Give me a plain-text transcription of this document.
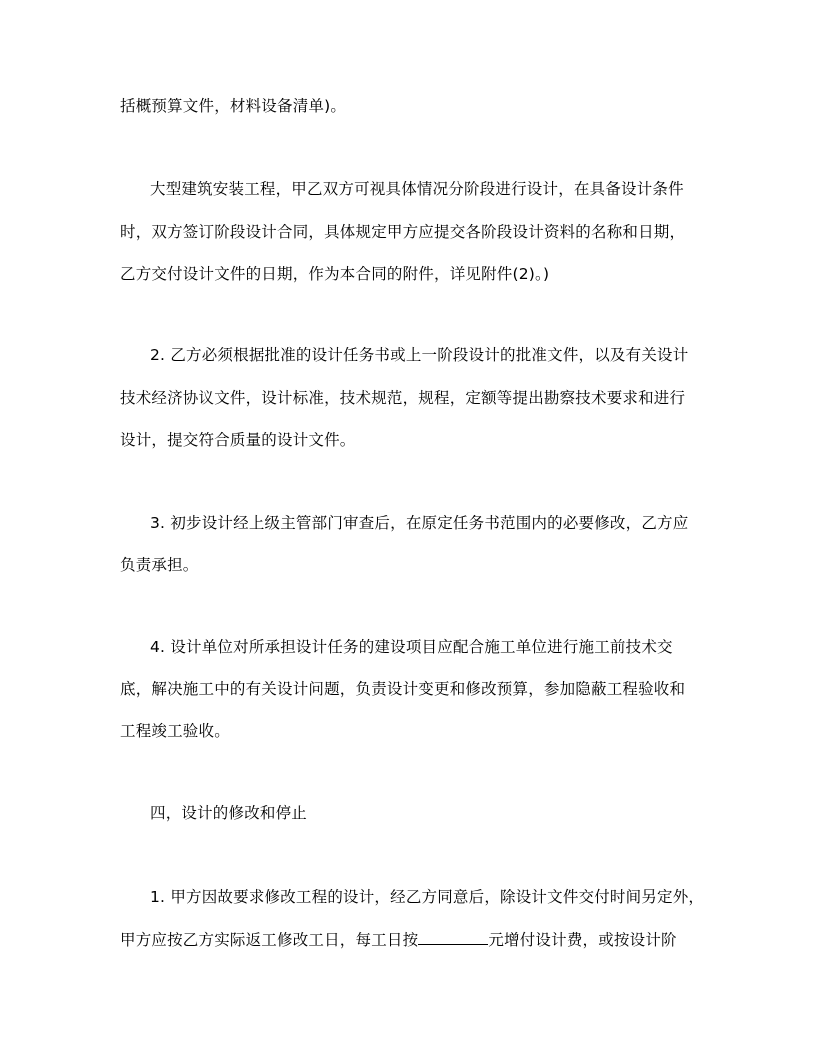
括概预算文件，材料设备清单)。
大型建筑安装工程，甲乙双方可视具体情况分阶段进行设计，在具备设计条件
时，双方签订阶段设计合同，具体规定甲方应提交各阶段设计资料的名称和日期，
乙方交付设计文件的日期，作为本合同的附件，详见附件(2)。)
2. 乙方必须根据批准的设计任务书或上一阶段设计的批准文件，以及有关设计
技术经济协议文件，设计标准，技术规范，规程，定额等提出勘察技术要求和进行
设计，提交符合质量的设计文件。
3. 初步设计经上级主管部门审查后，在原定任务书范围内的必要修改，乙方应
负责承担。
4. 设计单位对所承担设计任务的建设项目应配合施工单位进行施工前技术交
底，解决施工中的有关设计问题，负责设计变更和修改预算，参加隐蔽工程验收和
工程竣工验收。
四，设计的修改和停止
1. 甲方因故要求修改工程的设计，经乙方同意后，除设计文件交付时间另定外，
甲方应按乙方实际返工修改工日，每工日按	元增付设计费，或按设计阶
